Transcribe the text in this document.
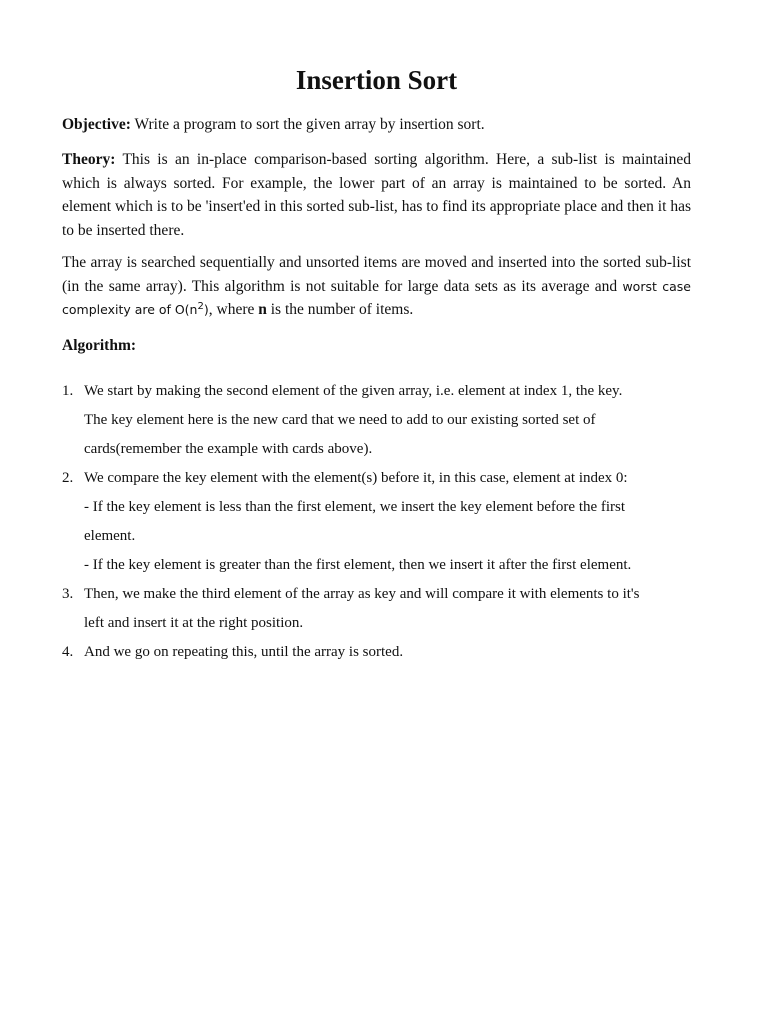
Insertion Sort

Objective: Write a program to sort the given array by insertion sort.

Theory: This is an in-place comparison-based sorting algorithm. Here, a sub-list is maintained which is always sorted. For example, the lower part of an array is maintained to be sorted. An element which is to be 'insert'ed in this sorted sub-list, has to find its appropriate place and then it has to be inserted there.

The array is searched sequentially and unsorted items are moved and inserted into the sorted sub-list (in the same array). This algorithm is not suitable for large data sets as its average and worst case complexity are of $O(n^2)$, where n is the number of items.

Algorithm:

1. We start by making the second element of the given array, i.e. element at index 1, the key.
The key element here is the new card that we need to add to our existing sorted set of
cards(remember the example with cards above).
2. We compare the key element with the element(s) before it, in this case, element at index 0:
- If the key element is less than the first element, we insert the key element before the first
element.
- If the key element is greater than the first element, then we insert it after the first element.
3. Then, we make the third element of the array as key and will compare it with elements to it's
left and insert it at the right position.
4. And we go on repeating this, until the array is sorted.
